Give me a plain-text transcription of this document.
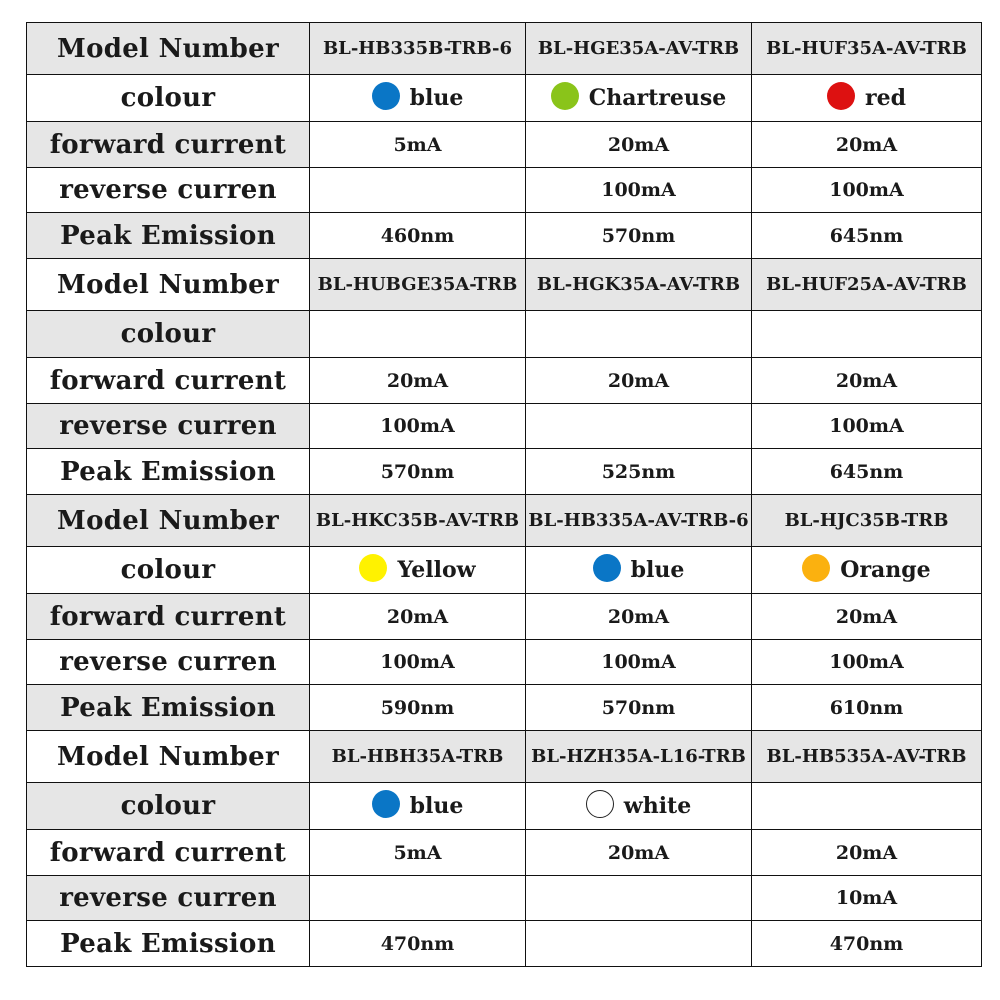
Model Number	BL-HB335B-TRB-6	BL-HGE35A-AV-TRB	BL-HUF35A-AV-TRB
colour	blue	Chartreuse	red
forward current	5mA	20mA	20mA
reverse curren		100mA	100mA
Peak Emission	460nm	570nm	645nm
Model Number	BL-HUBGE35A-TRB	BL-HGK35A-AV-TRB	BL-HUF25A-AV-TRB
colour			
forward current	20mA	20mA	20mA
reverse curren	100mA		100mA
Peak Emission	570nm	525nm	645nm
Model Number	BL-HKC35B-AV-TRB	BL-HB335A-AV-TRB-6	BL-HJC35B-TRB
colour	Yellow	blue	Orange
forward current	20mA	20mA	20mA
reverse curren	100mA	100mA	100mA
Peak Emission	590nm	570nm	610nm
Model Number	BL-HBH35A-TRB	BL-HZH35A-L16-TRB	BL-HB535A-AV-TRB
colour	blue	white	
forward current	5mA	20mA	20mA
reverse curren			10mA
Peak Emission	470nm		470nm
